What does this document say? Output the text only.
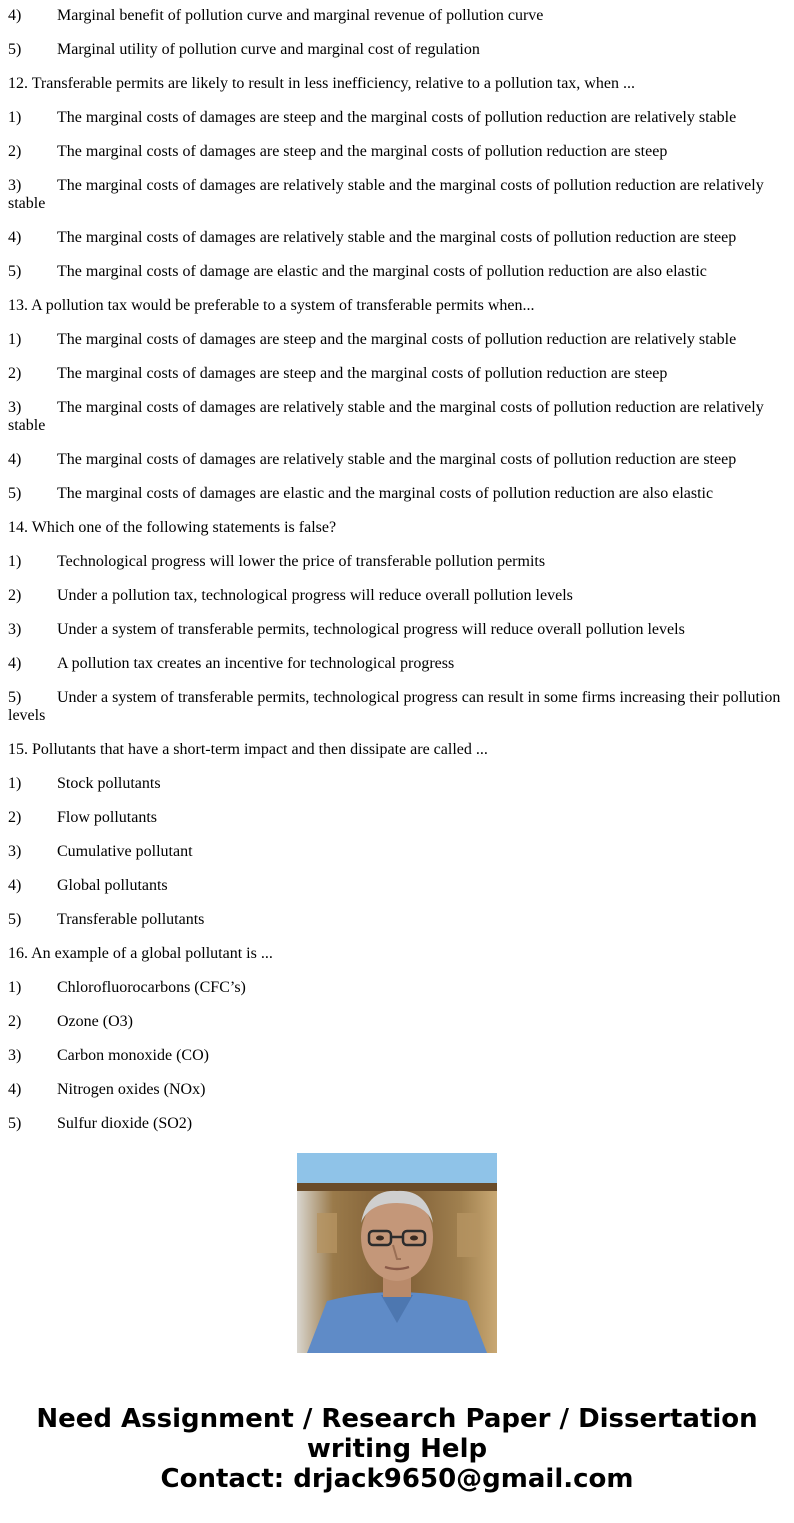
4) Marginal benefit of pollution curve and marginal revenue of pollution curve
5) Marginal utility of pollution curve and marginal cost of regulation
12. Transferable permits are likely to result in less inefficiency, relative to a pollution tax, when ...
1) The marginal costs of damages are steep and the marginal costs of pollution reduction are relatively stable
2) The marginal costs of damages are steep and the marginal costs of pollution reduction are steep
3) The marginal costs of damages are relatively stable and the marginal costs of pollution reduction are relatively stable
4) The marginal costs of damages are relatively stable and the marginal costs of pollution reduction are steep
5) The marginal costs of damage are elastic and the marginal costs of pollution reduction are also elastic
13. A pollution tax would be preferable to a system of transferable permits when...
1) The marginal costs of damages are steep and the marginal costs of pollution reduction are relatively stable
2) The marginal costs of damages are steep and the marginal costs of pollution reduction are steep
3) The marginal costs of damages are relatively stable and the marginal costs of pollution reduction are relatively stable
4) The marginal costs of damages are relatively stable and the marginal costs of pollution reduction are steep
5) The marginal costs of damages are elastic and the marginal costs of pollution reduction are also elastic
14. Which one of the following statements is false?
1) Technological progress will lower the price of transferable pollution permits
2) Under a pollution tax, technological progress will reduce overall pollution levels
3) Under a system of transferable permits, technological progress will reduce overall pollution levels
4) A pollution tax creates an incentive for technological progress
5) Under a system of transferable permits, technological progress can result in some firms increasing their pollution levels
15. Pollutants that have a short-term impact and then dissipate are called ...
1) Stock pollutants
2) Flow pollutants
3) Cumulative pollutant
4) Global pollutants
5) Transferable pollutants
16. An example of a global pollutant is ...
1) Chlorofluorocarbons (CFC’s)
2) Ozone (O3)
3) Carbon monoxide (CO)
4) Nitrogen oxides (NOx)
5) Sulfur dioxide (SO2)
Need Assignment / Research Paper / Dissertation
writing Help
Contact: drjack9650@gmail.com
